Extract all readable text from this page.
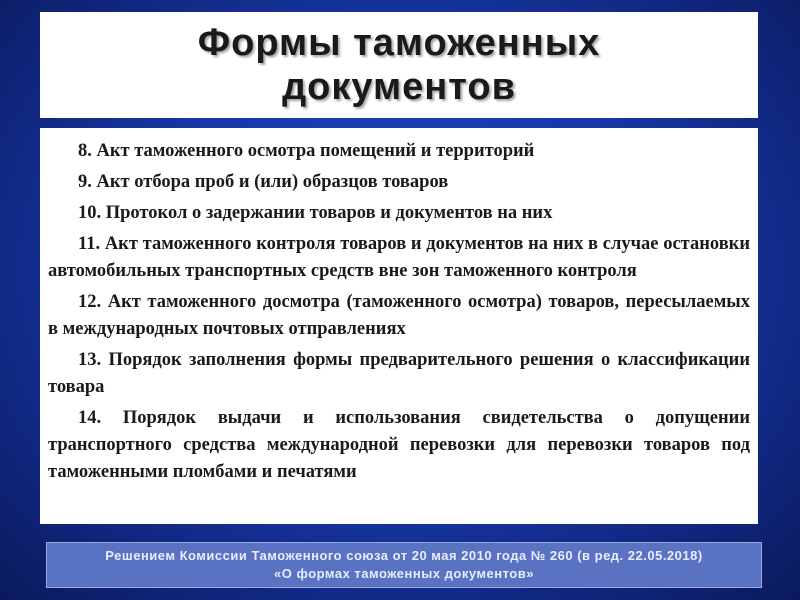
Формы таможенных документов

8. Акт таможенного осмотра помещений и территорий

9. Акт отбора проб и (или) образцов товаров

10. Протокол о задержании товаров и документов на них

11. Акт таможенного контроля товаров и документов на них в случае остановки автомобильных транспортных средств вне зон таможенного контроля

12. Акт таможенного досмотра (таможенного осмотра) товаров, пересылаемых в международных почтовых отправлениях

13. Порядок заполнения формы предварительного решения о классификации товара

14. Порядок выдачи и использования свидетельства о допущении транспортного средства международной перевозки для перевозки товаров под таможенными пломбами и печатями

Решением Комиссии Таможенного союза от 20 мая 2010 года № 260 (в ред. 22.05.2018)
«О формах таможенных документов»
